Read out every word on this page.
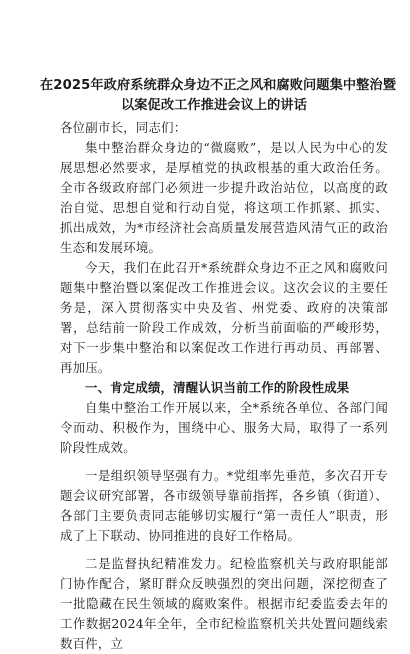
在2025年政府系统群众身边不正之风和腐败问题集中整治暨
以案促改工作推进会议上的讲话

各位副市长，同志们：

集中整治群众身边的“微腐败”，是以人民为中心的发展思想必然要求，是厚植党的执政根基的重大政治任务。全市各级政府部门必须进一步提升政治站位，以高度的政治自觉、思想自觉和行动自觉，将这项工作抓紧、抓实、抓出成效，为*市经济社会高质量发展营造风清气正的政治生态和发展环境。

今天，我们在此召开*系统群众身边不正之风和腐败问题集中整治暨以案促改工作推进会议。这次会议的主要任务是，深入贯彻落实中央及省、州党委、政府的决策部署，总结前一阶段工作成效，分析当前面临的严峻形势，对下一步集中整治和以案促改工作进行再动员、再部署、再加压。

一、肯定成绩，清醒认识当前工作的阶段性成果

自集中整治工作开展以来，全*系统各单位、各部门闻令而动、积极作为，围绕中心、服务大局，取得了一系列阶段性成效。

一是组织领导坚强有力。*党组率先垂范，多次召开专题会议研究部署，各市级领导靠前指挥，各乡镇（街道）、各部门主要负责同志能够切实履行“第一责任人”职责，形成了上下联动、协同推进的良好工作格局。

二是监督执纪精准发力。纪检监察机关与政府职能部门协作配合，紧盯群众反映强烈的突出问题，深挖彻查了一批隐藏在民生领域的腐败案件。根据市纪委监委去年的工作数据2024年全年，全市纪检监察机关共处置问题线索数百件，立
